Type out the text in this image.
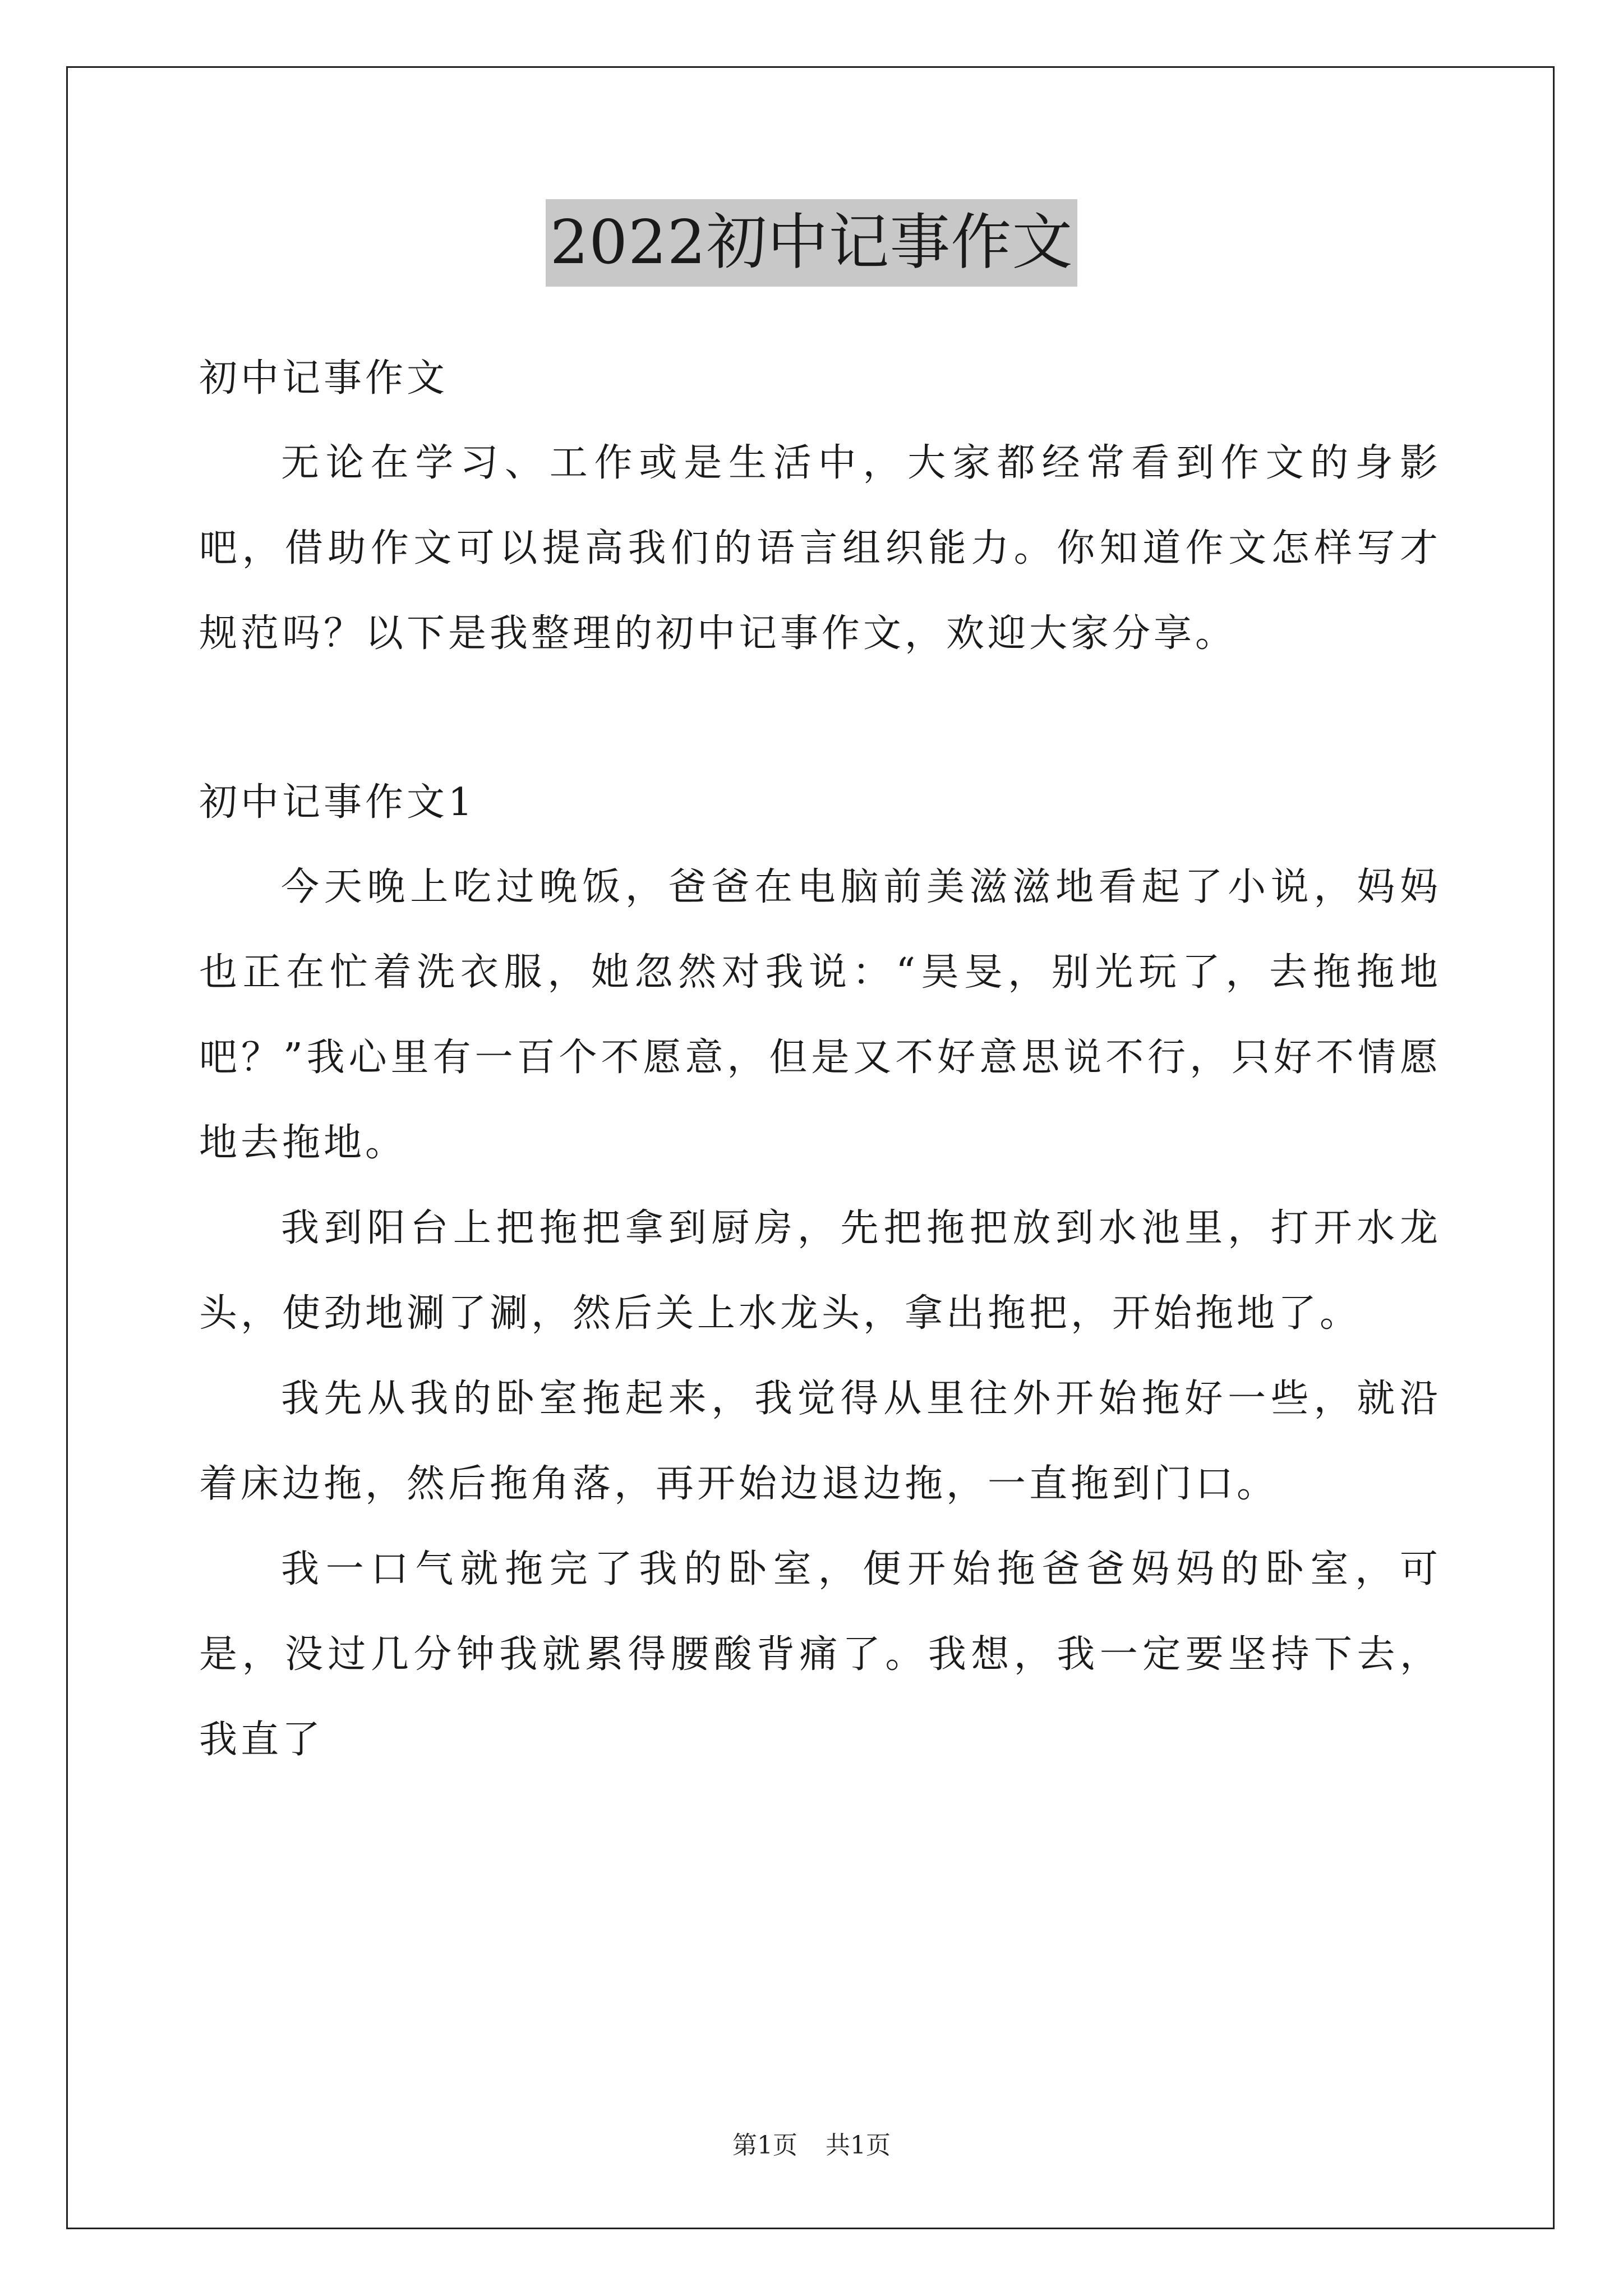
2022初中记事作文
初中记事作文
无论在学习、工作或是生活中，大家都经常看到作文的身影吧，借助作文可以提高我们的语言组织能力。你知道作文怎样写才规范吗？以下是我整理的初中记事作文，欢迎大家分享。
初中记事作文1
今天晚上吃过晚饭，爸爸在电脑前美滋滋地看起了小说，妈妈也正在忙着洗衣服，她忽然对我说：“昊旻，别光玩了，去拖拖地吧？”我心里有一百个不愿意，但是又不好意思说不行，只好不情愿地去拖地。
我到阳台上把拖把拿到厨房，先把拖把放到水池里，打开水龙头，使劲地涮了涮，然后关上水龙头，拿出拖把，开始拖地了。
我先从我的卧室拖起来，我觉得从里往外开始拖好一些，就沿着床边拖，然后拖角落，再开始边退边拖，一直拖到门口。
我一口气就拖完了我的卧室，便开始拖爸爸妈妈的卧室，可是，没过几分钟我就累得腰酸背痛了。我想，我一定要坚持下去，我直了
第1页 共1页
